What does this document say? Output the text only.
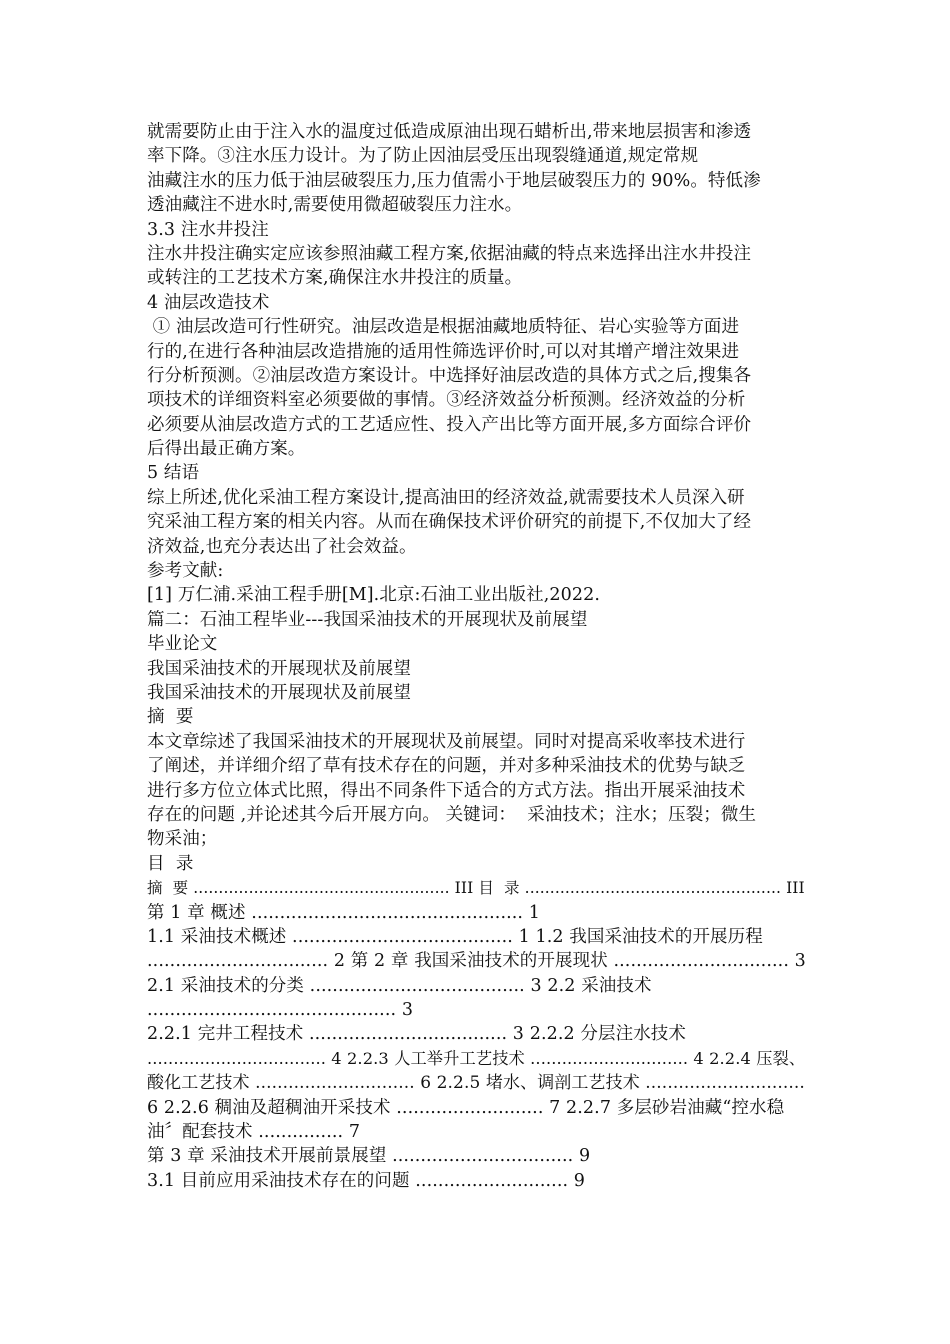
就需要防止由于注入水的温度过低造成原油出现石蜡析出,带来地层损害和渗透
率下降。③注水压力设计。为了防止因油层受压出现裂缝通道,规定常规
油藏注水的压力低于油层破裂压力,压力值需小于地层破裂压力的 90%。特低渗
透油藏注不进水时,需要使用微超破裂压力注水。
3.3 注水井投注
注水井投注确实定应该参照油藏工程方案,依据油藏的特点来选择出注水井投注
或转注的工艺技术方案,确保注水井投注的质量。
4 油层改造技术
① 油层改造可行性研究。油层改造是根据油藏地质特征、岩心实验等方面进
行的,在进行各种油层改造措施的适用性筛选评价时,可以对其增产增注效果进
行分析预测。②油层改造方案设计。中选择好油层改造的具体方式之后,搜集各
项技术的详细资料室必须要做的事情。③经济效益分析预测。经济效益的分析
必须要从油层改造方式的工艺适应性、投入产出比等方面开展,多方面综合评价
后得出最正确方案。
5 结语
综上所述,优化采油工程方案设计,提高油田的经济效益,就需要技术人员深入研
究采油工程方案的相关内容。从而在确保技术评价研究的前提下,不仅加大了经
济效益,也充分表达出了社会效益。
参考文献:
[1] 万仁浦.采油工程手册[M].北京:石油工业出版社,2022.
篇二：石油工程毕业---我国采油技术的开展现状及前展望
毕业论文
我国采油技术的开展现状及前展望
我国采油技术的开展现状及前展望
摘  要
本文章综述了我国采油技术的开展现状及前展望。同时对提高采收率技术进行
了阐述，并详细介绍了草有技术存在的问题，并对多种采油技术的优势与缺乏
进行多方位立体式比照，得出不同条件下适合的方式方法。指出开展采油技术
存在的问题 ,并论述其今后开展方向。 关键词：  采油技术；注水；压裂；微生
物采油；
目  录
摘  要 ................................................... III 目  录 ................................................... III
第 1 章 概述 ................................................ 1
1.1 采油技术概述 ....................................... 1 1.2 我国采油技术的开展历程
................................ 2 第 2 章 我国采油技术的开展现状 ............................... 3
2.1 采油技术的分类 ...................................... 3 2.2 采油技术
............................................ 3
2.2.1 完井工程技术 ................................... 3 2.2.2 分层注水技术
.................................. 4 2.2.3 人工举升工艺技术 .............................. 4 2.2.4 压裂、
酸化工艺技术 ............................. 6 2.2.5 堵水、调剖工艺技术 .............................
6 2.2.6 稠油及超稠油开采技术 .......................... 7 2.2.7 多层砂岩油藏“控水稳
油〞配套技术 ............... 7
第 3 章 采油技术开展前景展望 ................................ 9
3.1 目前应用采油技术存在的问题 ........................... 9
